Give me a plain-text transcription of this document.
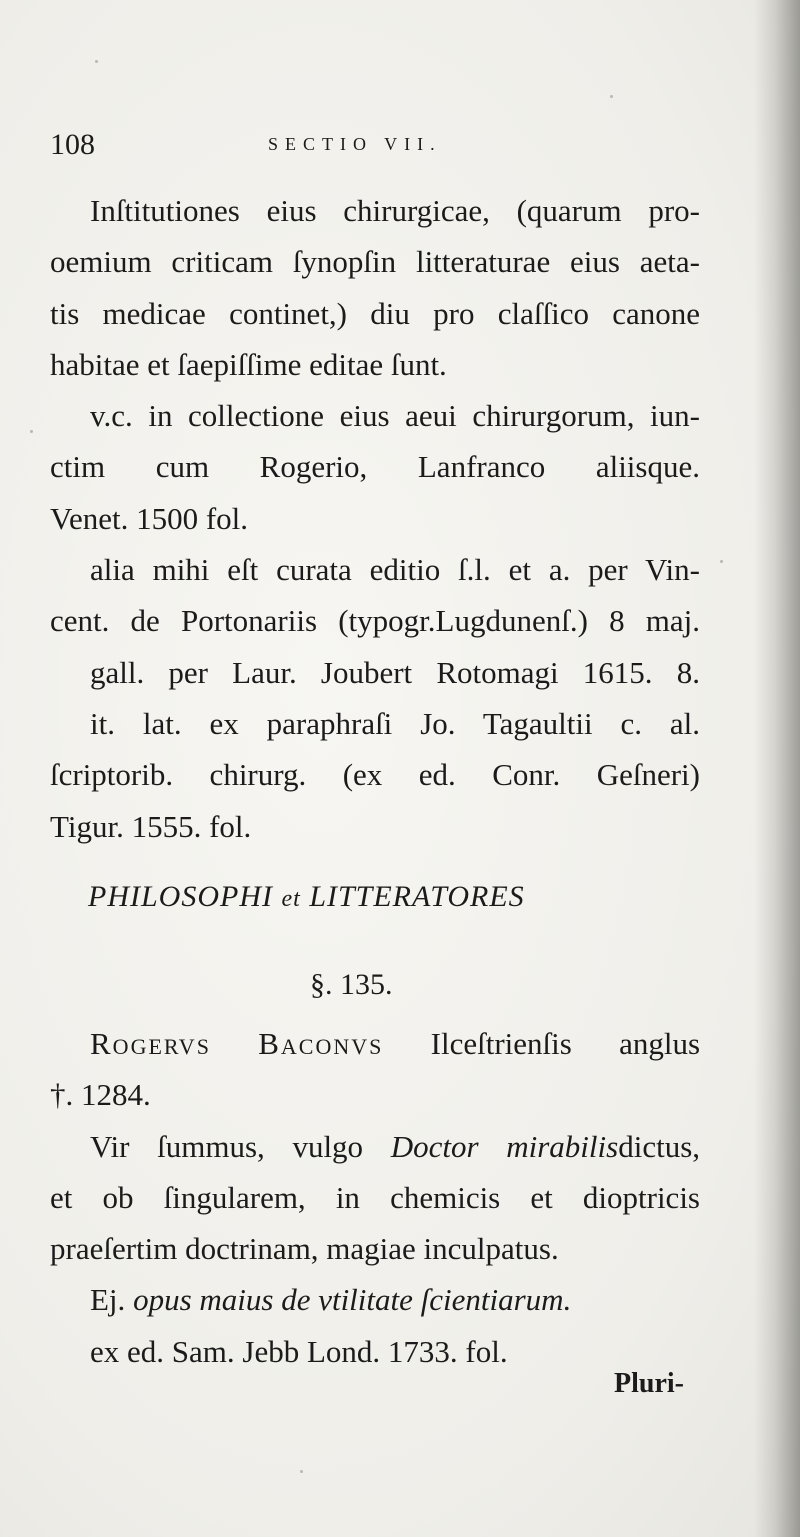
108	SECTIO VII.
Inſtitutiones eius chirurgicae, (quarum pro-
oemium criticam ſynopſin litteraturae eius aeta-
tis medicae continet,) diu pro claſſico canone
habitae et ſaepiſſime editae ſunt.
v.c. in collectione eius aeui chirurgorum, iun-
ctim cum Rogerio, Lanfranco aliisque.
Venet. 1500 fol.
alia mihi eſt curata editio ſ.l. et a. per Vin-
cent. de Portonariis (typogr.Lugdunenſ.) 8 maj.
gall. per Laur. Joubert Rotomagi 1615. 8.
it. lat. ex paraphraſi Jo. Tagaultii c. al.
ſcriptorib. chirurg. (ex ed. Conr. Geſneri)
Tigur. 1555. fol.
PHILOSOPHI et LITTERATORES
§. 135.
Rogervs Baconvs Ilceſtrienſis anglus
†. 1284.
Vir ſummus, vulgo Doctor mirabilisdictus,
et ob ſingularem, in chemicis et dioptricis
praeſertim doctrinam, magiae inculpatus.
Ej. opus maius de vtilitate ſcientiarum.
ex ed. Sam. Jebb Lond. 1733. fol.
Pluri-
